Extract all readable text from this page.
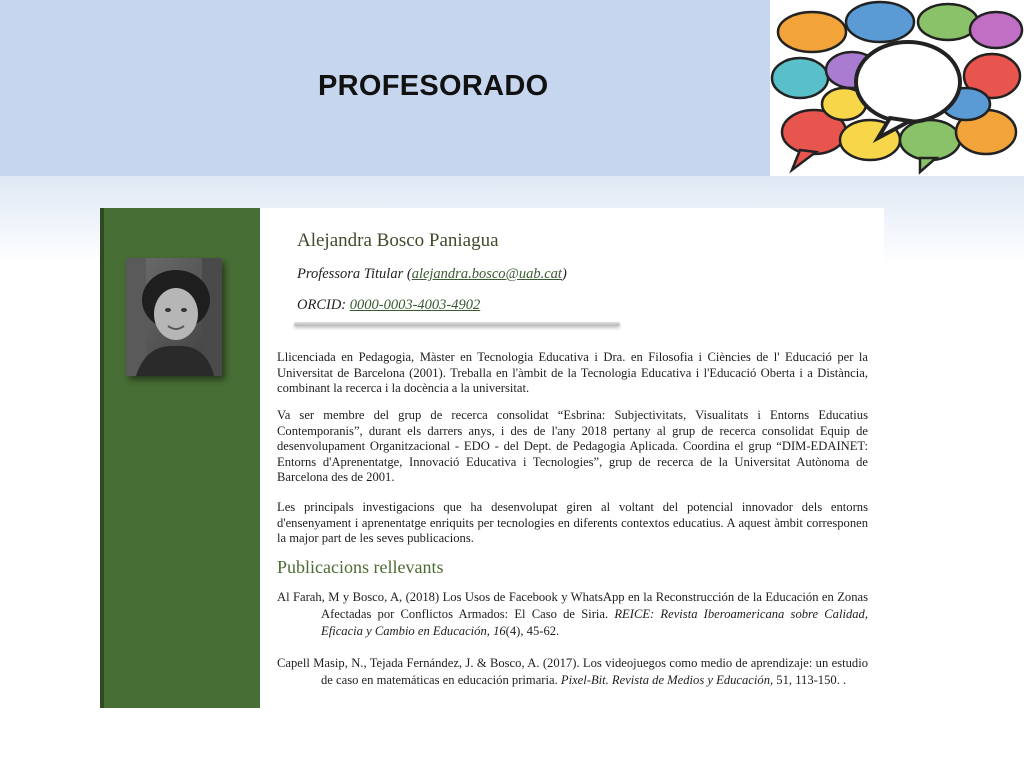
PROFESORADO
Alejandra Bosco Paniagua
Professora Titular (alejandra.bosco@uab.cat)
ORCID: 0000-0003-4003-4902

Llicenciada en Pedagogia, Màster en Tecnologia Educativa i Dra. en Filosofia i Ciències de l' Educació per la Universitat de Barcelona (2001). Treballa en l'àmbit de la Tecnologia Educativa i l'Educació Oberta i a Distància, combinant la recerca i la docència a la universitat.

Va ser membre del grup de recerca consolidat “Esbrina: Subjectivitats, Visualitats i Entorns Educatius Contemporanis”, durant els darrers anys, i des de l'any 2018 pertany al grup de recerca consolidat Equip de desenvolupament Organitzacional - EDO - del Dept. de Pedagogia Aplicada. Coordina el grup “DIM-EDAINET: Entorns d'Aprenentatge, Innovació Educativa i Tecnologies”, grup de recerca de la Universitat Autònoma de Barcelona des de 2001.

Les principals investigacions que ha desenvolupat giren al voltant del potencial innovador dels entorns d'ensenyament i aprenentatge enriquits per tecnologies en diferents contextos educatius. A aquest àmbit corresponen la major part de les seves publicacions.

Publicacions rellevants

Al Farah, M y Bosco, A, (2018) Los Usos de Facebook y WhatsApp en la Reconstrucción de la Educación en Zonas Afectadas por Conflictos Armados: El Caso de Siria. REICE: Revista Iberoamericana sobre Calidad, Eficacia y Cambio en Educación, 16(4), 45-62.

Capell Masip, N., Tejada Fernández, J. & Bosco, A. (2017). Los videojuegos como medio de aprendizaje: un estudio de caso en matemáticas en educación primaria. Pixel-Bit. Revista de Medios y Educación, 51, 113-150. .
